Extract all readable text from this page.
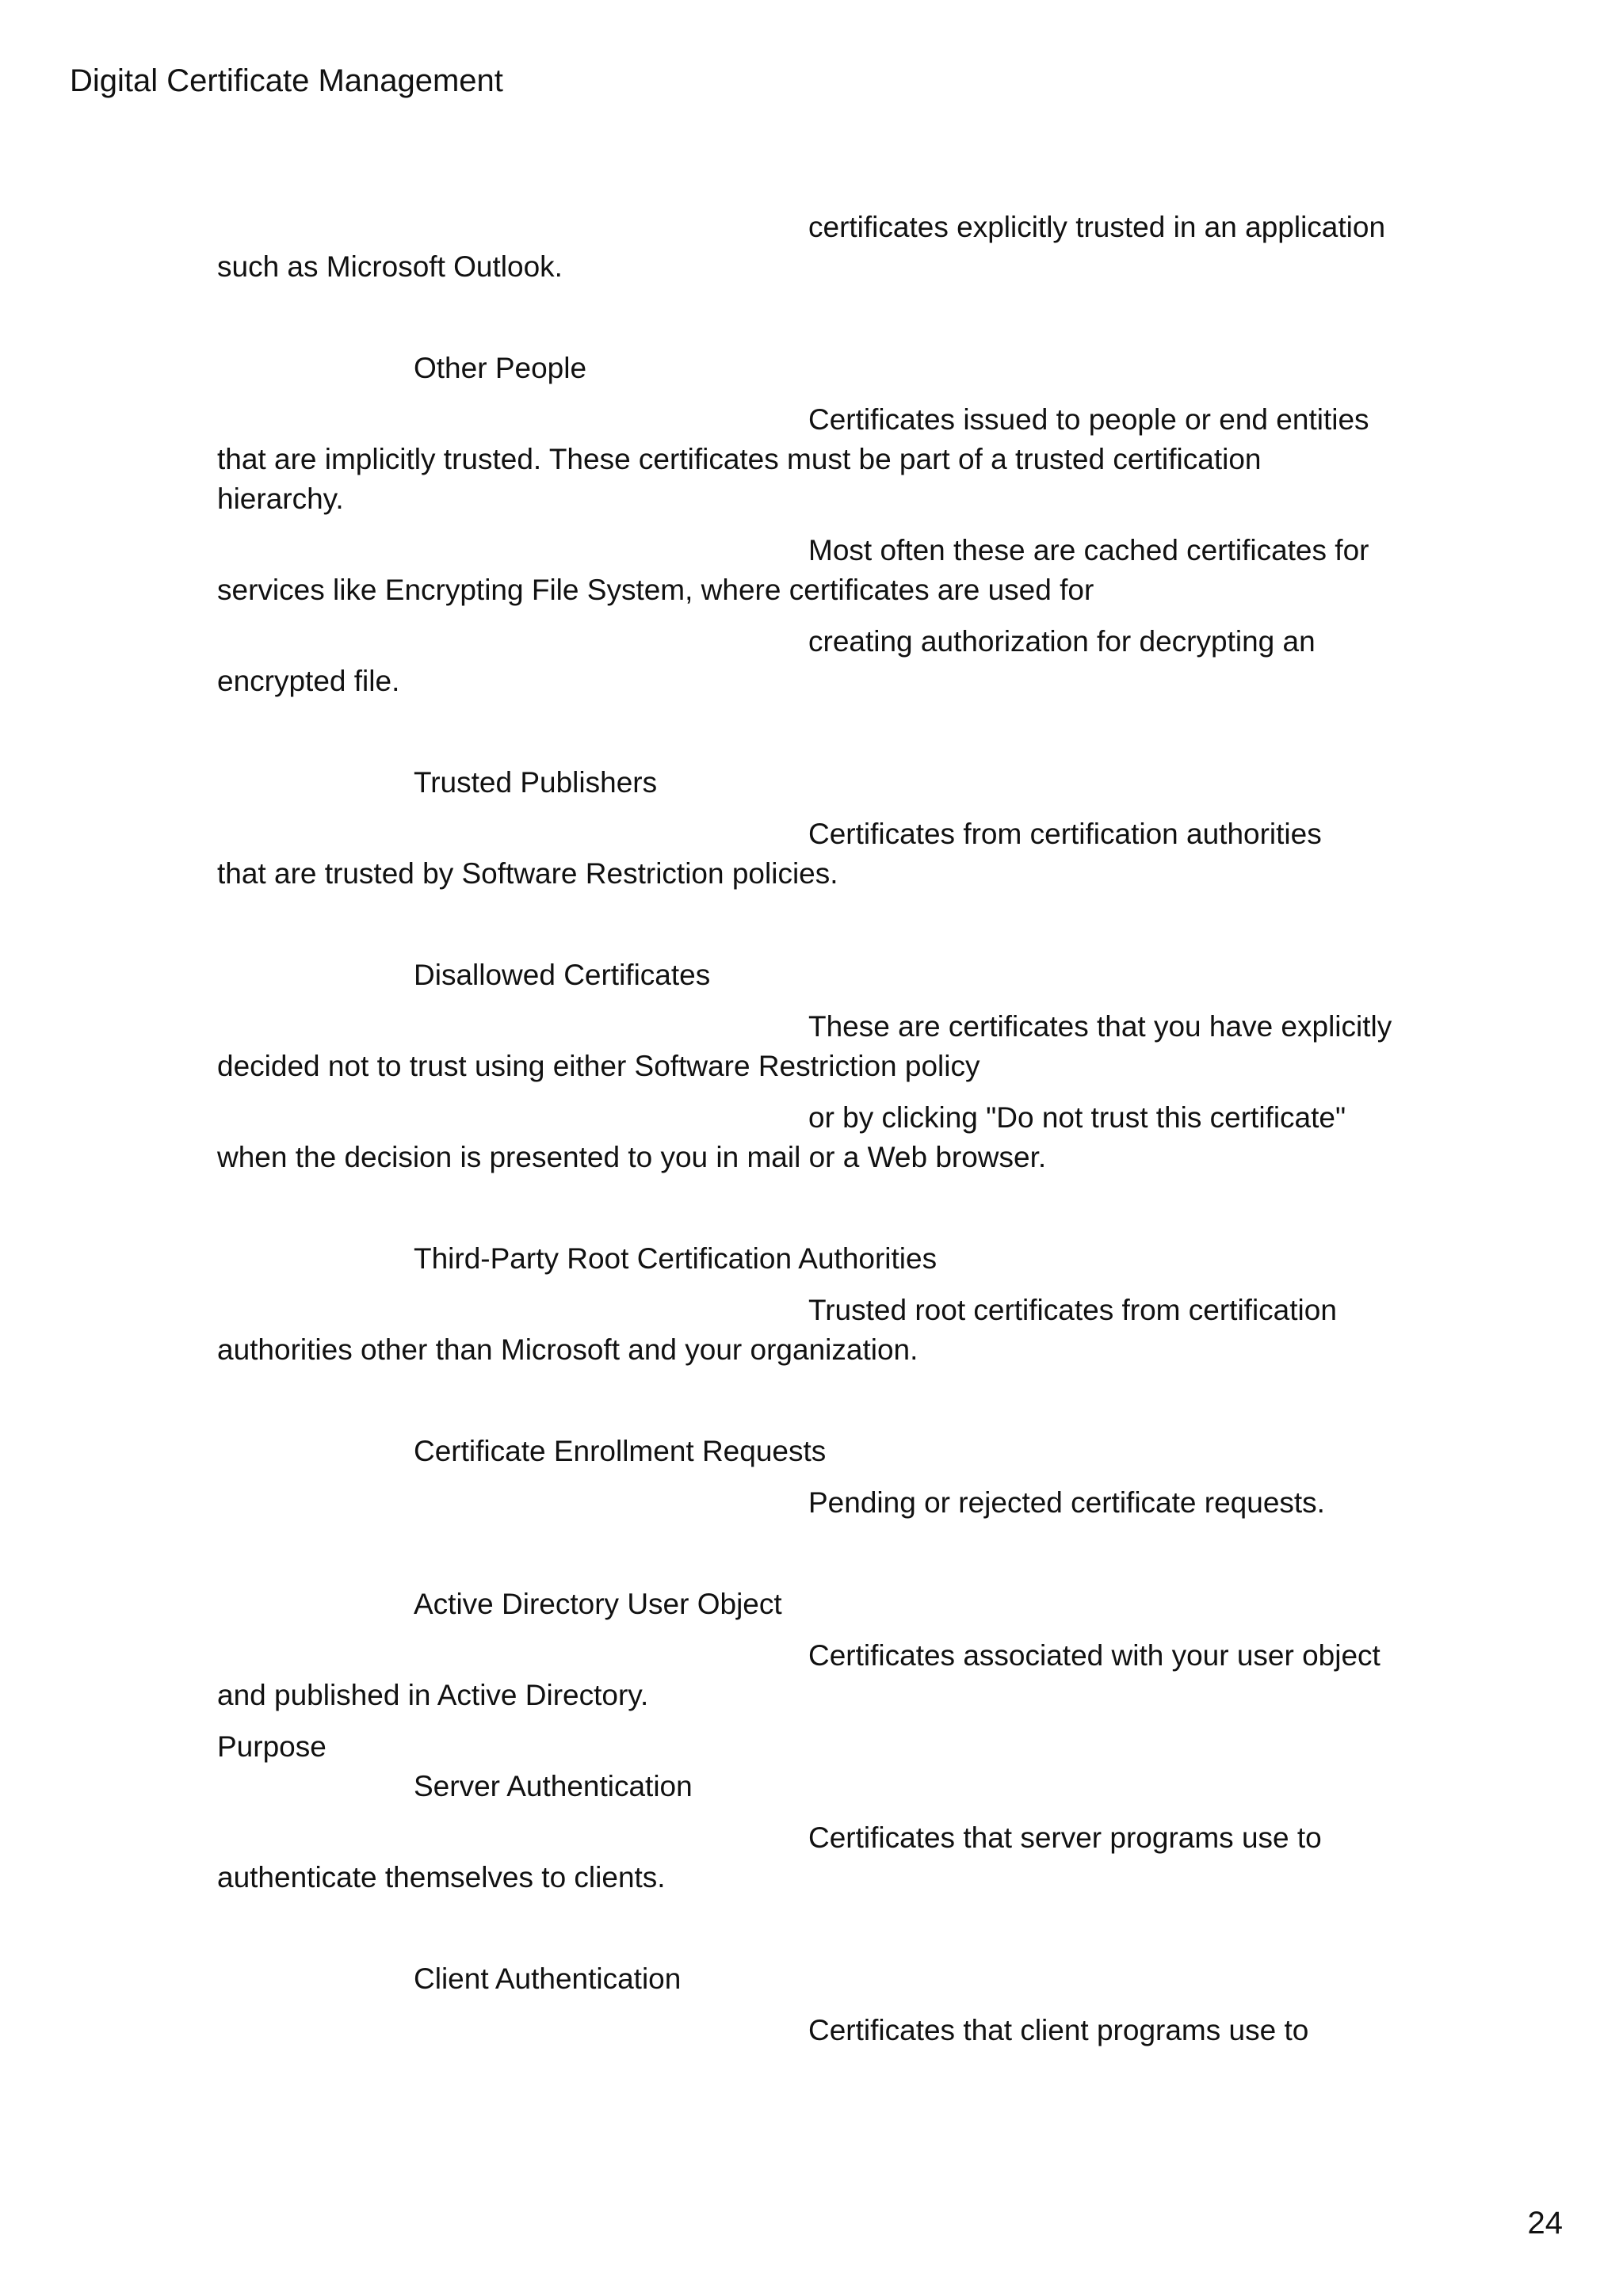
Digital Certificate Management
certificates explicitly trusted in an application
such as Microsoft Outlook.
Other People
Certificates issued to people or end entities
that are implicitly trusted. These certificates must be part of a trusted certification
hierarchy.
Most often these are cached certificates for
services like Encrypting File System, where certificates are used for
creating authorization for decrypting an
encrypted file.
Trusted Publishers
Certificates from certification authorities
that are trusted by Software Restriction policies.
Disallowed Certificates
These are certificates that you have explicitly
decided not to trust using either Software Restriction policy
or by clicking "Do not trust this certificate"
when the decision is presented to you in mail or a Web browser.
Third-Party Root Certification Authorities
Trusted root certificates from certification
authorities other than Microsoft and your organization.
Certificate Enrollment Requests
Pending or rejected certificate requests.
Active Directory User Object
Certificates associated with your user object
and published in Active Directory.
Purpose
Server Authentication
Certificates that server programs use to
authenticate themselves to clients.
Client Authentication
Certificates that client programs use to
24
